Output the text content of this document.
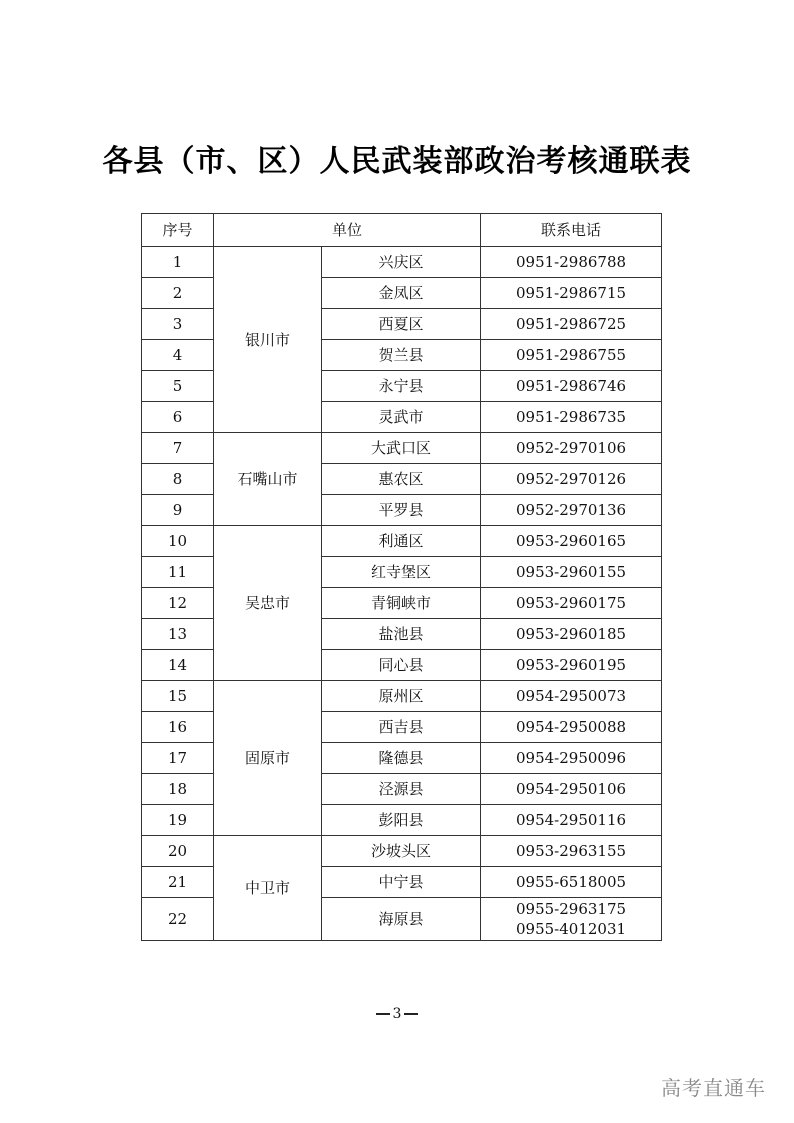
各县（市、区）人民武装部政治考核通联表
序号	单位		联系电话
1	银川市	兴庆区	0951-2986788

2		金凤区	0951-2986715

3		西夏区	0951-2986725

4		贺兰县	0951-2986755

5		永宁县	0951-2986746

6		灵武市	0951-2986735

7	石嘴山市	大武口区	0952-2970106

8		惠农区	0952-2970126

9		平罗县	0952-2970136

10	吴忠市	利通区	0953-2960165

11		红寺堡区	0953-2960155

12		青铜峡市	0953-2960175

13		盐池县	0953-2960185

14		同心县	0953-2960195

15	固原市	原州区	0954-2950073

16		西吉县	0954-2950088

17		隆德县	0954-2950096

18		泾源县	0954-2950106

19		彭阳县	0954-2950116

20	中卫市	沙坡头区	0953-2963155

21		中宁县	0955-6518005

22		海原县	0955-2963175
0955-4012031
3
高考直通车
